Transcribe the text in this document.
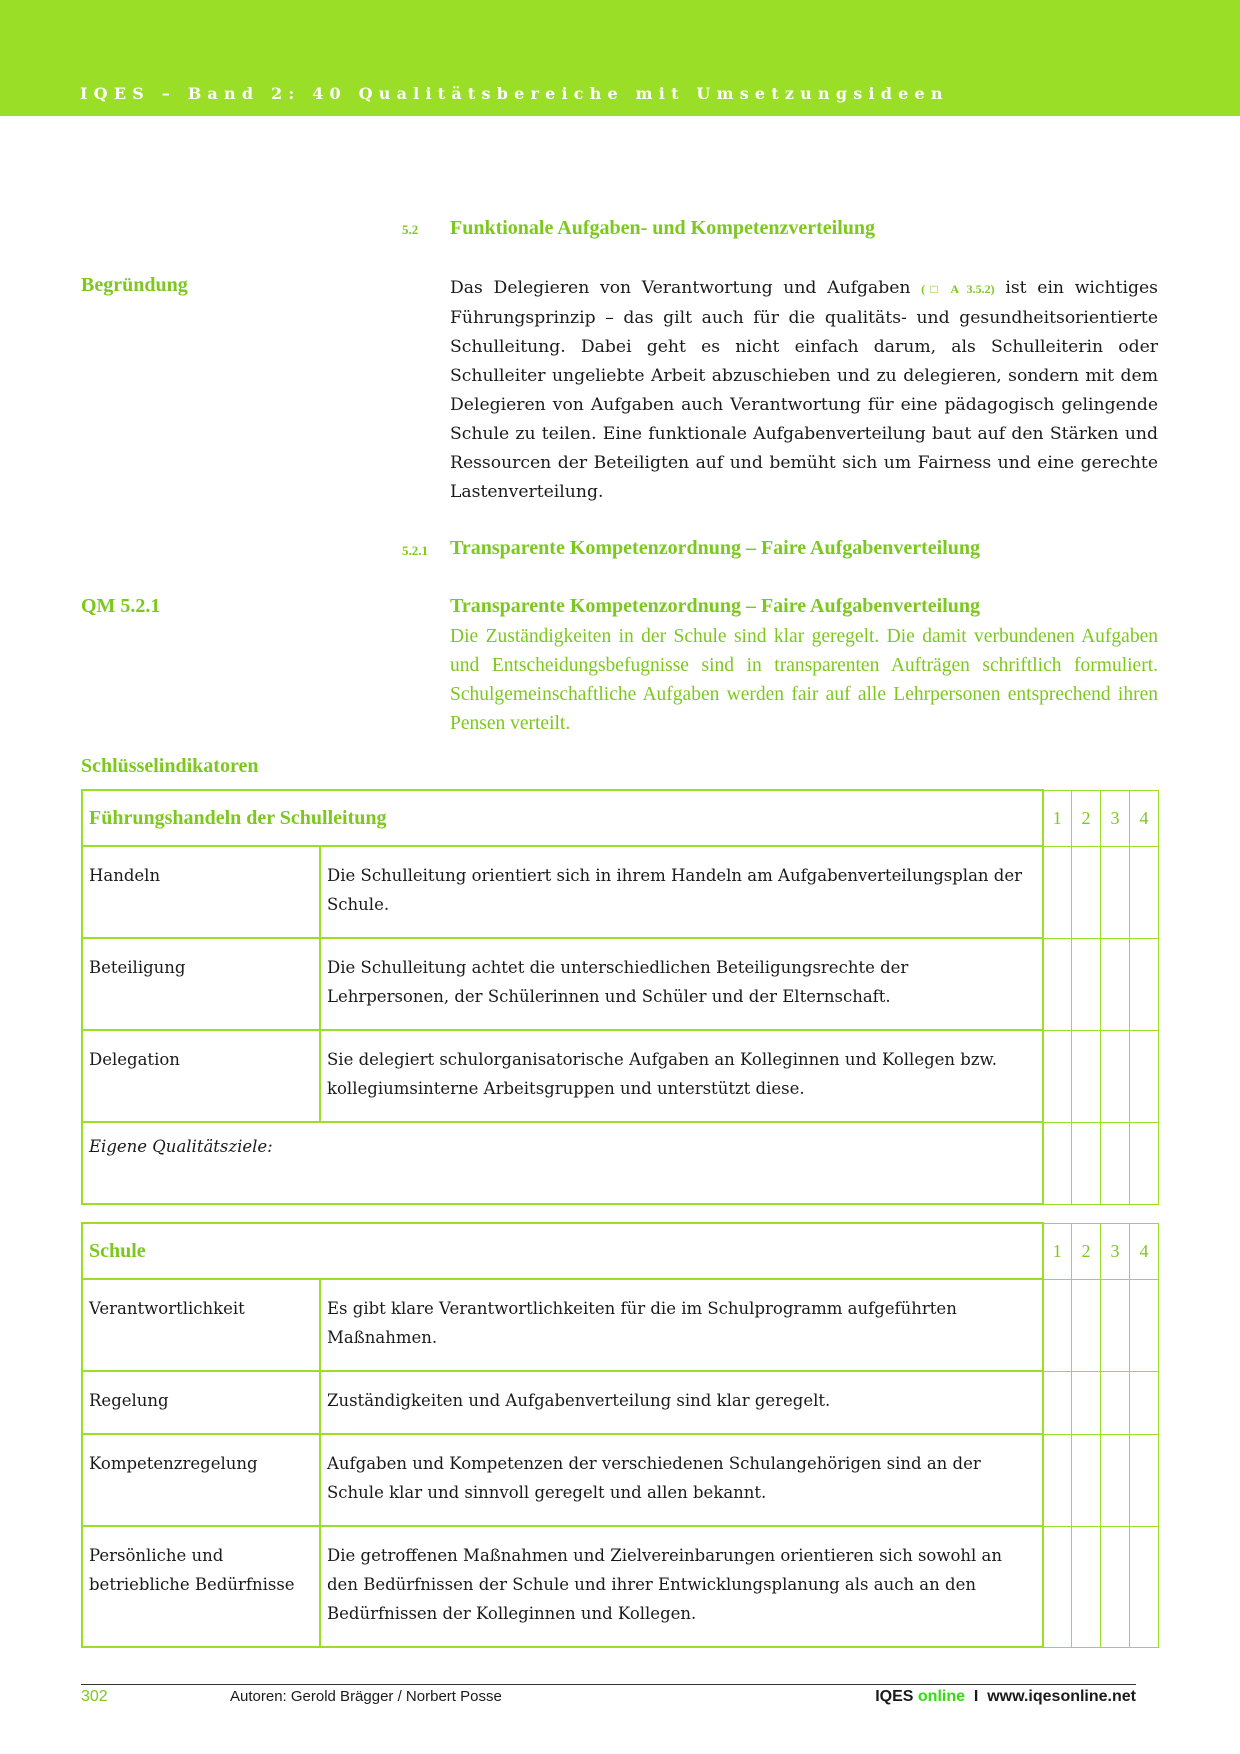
IQES – Band 2: 40 Qualitätsbereiche mit Umsetzungsideen
5.2 Funktionale Aufgaben- und Kompetenzverteilung
Begründung	Das Delegieren von Verantwortung und Aufgaben (□ A 3.5.2) ist ein wichtiges Führungsprinzip – das gilt auch für die qualitäts- und gesundheitsorientierte Schulleitung. Dabei geht es nicht einfach darum, als Schulleiterin oder Schulleiter ungeliebte Arbeit abzuschieben und zu delegieren, sondern mit dem Delegieren von Aufgaben auch Verantwortung für eine pädagogisch gelingende Schule zu teilen. Eine funktionale Aufgabenverteilung baut auf den Stärken und Ressourcen der Beteiligten auf und bemüht sich um Fairness und eine gerechte Lastenverteilung.
5.2.1 Transparente Kompetenzordnung – Faire Aufgabenverteilung
QM 5.2.1	Transparente Kompetenzordnung – Faire Aufgabenverteilung
Die Zuständigkeiten in der Schule sind klar geregelt. Die damit verbundenen Aufgaben und Entscheidungsbefugnisse sind in transparenten Aufträgen schriftlich formuliert. Schulgemeinschaftliche Aufgaben werden fair auf alle Lehrpersonen entsprechend ihren Pensen verteilt.
Schlüsselindikatoren
Führungshandeln der Schulleitung		1	2	3	4
Handeln	Die Schulleitung orientiert sich in ihrem Handeln am Aufgabenverteilungsplan der Schule.				
Beteiligung	Die Schulleitung achtet die unterschiedlichen Beteiligungsrechte der Lehrpersonen, der Schülerinnen und Schüler und der Elternschaft.				
Delegation	Sie delegiert schulorganisatorische Aufgaben an Kolleginnen und Kollegen bzw. kollegiumsinterne Arbeitsgruppen und unterstützt diese.				
Eigene Qualitätsziele:					
Schule		1	2	3	4
Verantwortlichkeit	Es gibt klare Verantwortlichkeiten für die im Schulprogramm aufgeführten Maßnahmen.				
Regelung	Zuständigkeiten und Aufgabenverteilung sind klar geregelt.				
Kompetenzregelung	Aufgaben und Kompetenzen der verschiedenen Schulangehörigen sind an der Schule klar und sinnvoll geregelt und allen bekannt.				
Persönliche und betriebliche Bedürfnisse	Die getroffenen Maßnahmen und Zielvereinbarungen orientieren sich sowohl an den Bedürfnissen der Schule und ihrer Entwicklungsplanung als auch an den Bedürfnissen der Kolleginnen und Kollegen.				
302	Autoren: Gerold Brägger / Norbert Posse	IQES online I www.iqesonline.net
